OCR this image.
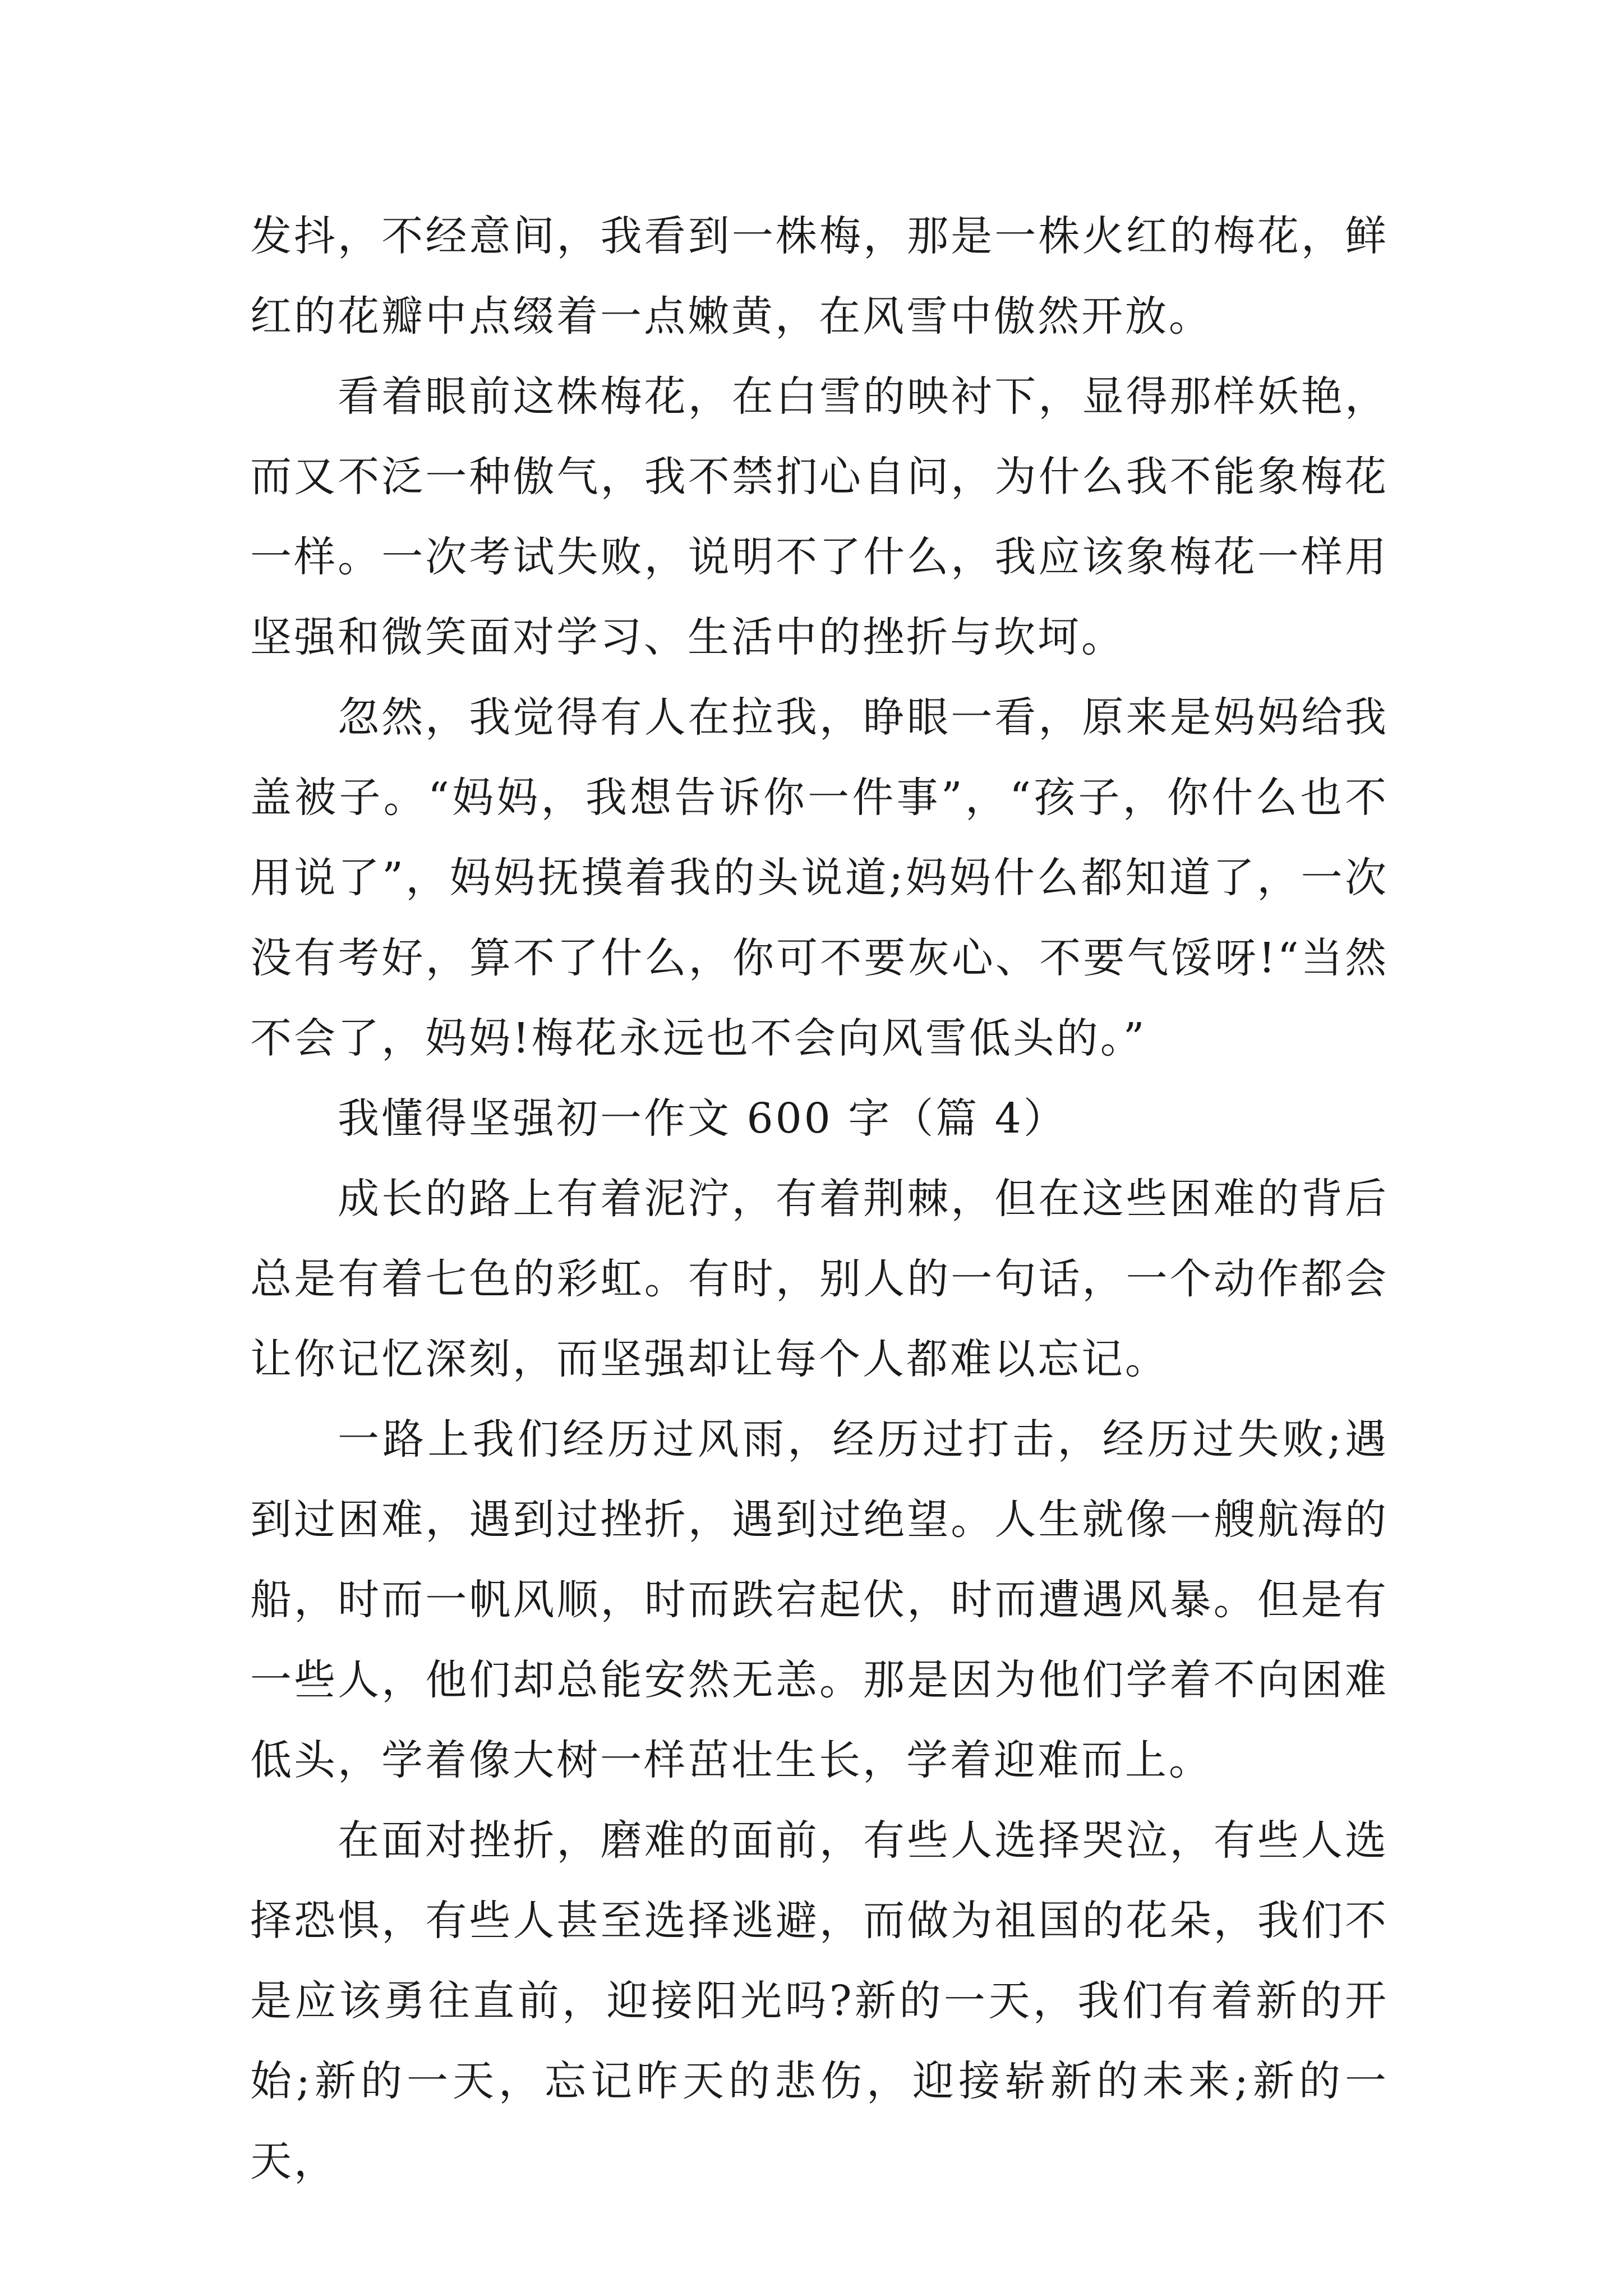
发抖，不经意间，我看到一株梅，那是一株火红的梅花，鲜红的花瓣中点缀着一点嫩黄，在风雪中傲然开放。

看着眼前这株梅花，在白雪的映衬下，显得那样妖艳，而又不泛一种傲气，我不禁扪心自问，为什么我不能象梅花一样。一次考试失败，说明不了什么，我应该象梅花一样用坚强和微笑面对学习、生活中的挫折与坎坷。

忽然，我觉得有人在拉我，睁眼一看，原来是妈妈给我盖被子。“妈妈，我想告诉你一件事”，“孩子，你什么也不用说了”，妈妈抚摸着我的头说道;妈妈什么都知道了，一次没有考好，算不了什么，你可不要灰心、不要气馁呀!“当然不会了，妈妈!梅花永远也不会向风雪低头的。”

我懂得坚强初一作文 600 字（篇 4）

成长的路上有着泥泞，有着荆棘，但在这些困难的背后总是有着七色的彩虹。有时，别人的一句话，一个动作都会让你记忆深刻，而坚强却让每个人都难以忘记。

一路上我们经历过风雨，经历过打击，经历过失败;遇到过困难，遇到过挫折，遇到过绝望。人生就像一艘航海的船，时而一帆风顺，时而跌宕起伏，时而遭遇风暴。但是有一些人，他们却总能安然无恙。那是因为他们学着不向困难低头，学着像大树一样茁壮生长，学着迎难而上。

在面对挫折，磨难的面前，有些人选择哭泣，有些人选择恐惧，有些人甚至选择逃避，而做为祖国的花朵，我们不是应该勇往直前，迎接阳光吗?新的一天，我们有着新的开始;新的一天，忘记昨天的悲伤，迎接崭新的未来;新的一天，
